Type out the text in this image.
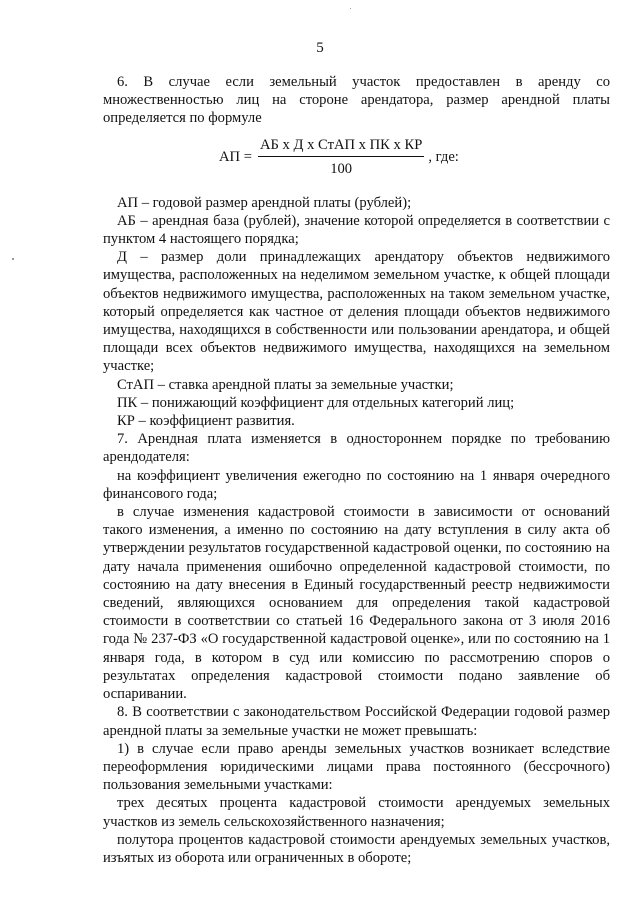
5

6. В случае если земельный участок предоставлен в аренду со множественностью лиц на стороне арендатора, размер арендной платы определяется по формуле

АП = $\frac{\text{АБ х Д х СтАП х ПК х КР}}{100}$ , где:

АП – годовой размер арендной платы (рублей);

АБ – арендная база (рублей), значение которой определяется в соответствии с пунктом 4 настоящего порядка;

Д – размер доли принадлежащих арендатору объектов недвижимого имущества, расположенных на неделимом земельном участке, к общей площади объектов недвижимого имущества, расположенных на таком земельном участке, который определяется как частное от деления площади объектов недвижимого имущества, находящихся в собственности или пользовании арендатора, и общей площади всех объектов недвижимого имущества, находящихся на земельном участке;

СтАП – ставка арендной платы за земельные участки;

ПК – понижающий коэффициент для отдельных категорий лиц;

КР – коэффициент развития.

7. Арендная плата изменяется в одностороннем порядке по требованию арендодателя:

на коэффициент увеличения ежегодно по состоянию на 1 января очередного финансового года;

в случае изменения кадастровой стоимости в зависимости от оснований такого изменения, а именно по состоянию на дату вступления в силу акта об утверждении результатов государственной кадастровой оценки, по состоянию на дату начала применения ошибочно определенной кадастровой стоимости, по состоянию на дату внесения в Единый государственный реестр недвижимости сведений, являющихся основанием для определения такой кадастровой стоимости в соответствии со статьей 16 Федерального закона от 3 июля 2016 года № 237-ФЗ «О государственной кадастровой оценке», или по состоянию на 1 января года, в котором в суд или комиссию по рассмотрению споров о результатах определения кадастровой стоимости подано заявление об оспаривании.

8. В соответствии с законодательством Российской Федерации годовой размер арендной платы за земельные участки не может превышать:

1) в случае если право аренды земельных участков возникает вследствие переоформления юридическими лицами права постоянного (бессрочного) пользования земельными участками:

трех десятых процента кадастровой стоимости арендуемых земельных участков из земель сельскохозяйственного назначения;

полутора процентов кадастровой стоимости арендуемых земельных участков, изъятых из оборота или ограниченных в обороте;
